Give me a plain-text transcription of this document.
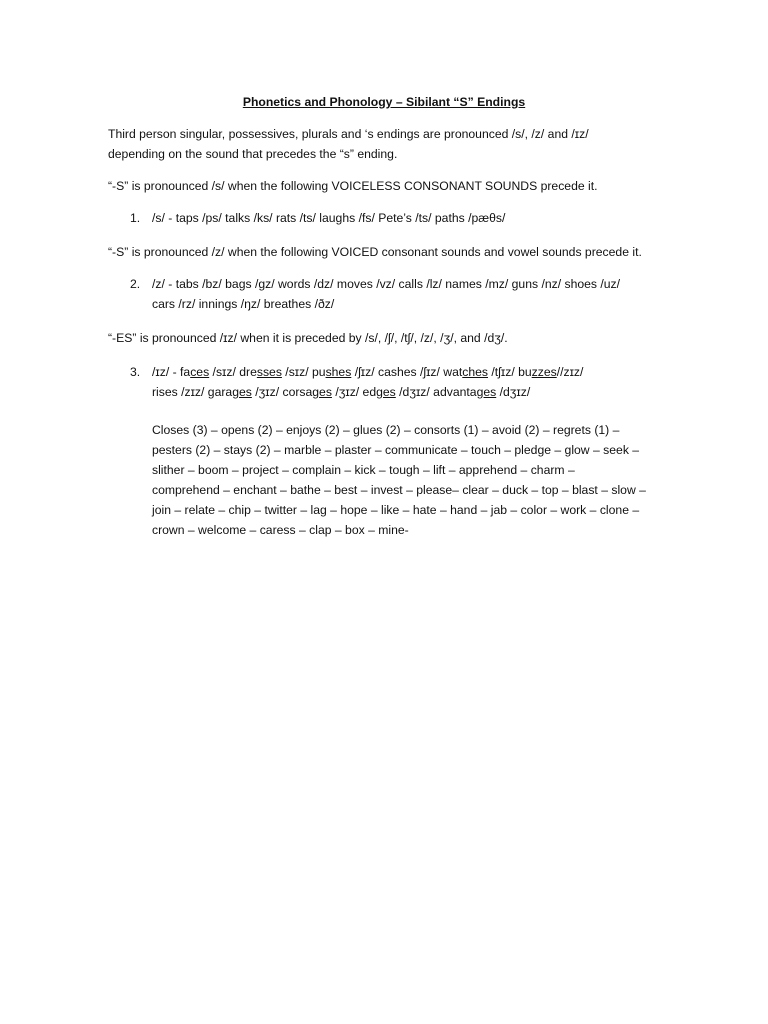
Phonetics and Phonology – Sibilant “S” Endings

Third person singular, possessives, plurals and ‘s endings are pronounced /s/, /z/ and /ɪz/
depending on the sound that precedes the “s” ending.

“-S” is pronounced /s/ when the following VOICELESS CONSONANT SOUNDS precede it.

1. /s/ - taps /ps/ talks /ks/ rats /ts/ laughs /fs/ Pete’s /ts/ paths /pæθs/

“-S” is pronounced /z/ when the following VOICED consonant sounds and vowel sounds precede it.

2. /z/ - tabs /bz/ bags /gz/ words /dz/ moves /vz/ calls /lz/ names /mz/ guns /nz/ shoes /uz/
cars /rz/ innings /ŋz/ breathes /ðz/

“-ES” is pronounced /ɪz/ when it is preceded by /s/, /ʃ/, /tʃ/, /z/, /ʒ/, and /dʒ/.

3. /ɪz/ - faces /sɪz/ dresses /sɪz/ pushes /ʃɪz/ cashes /ʃɪz/ watches /tʃɪz/ buzzes//zɪz/
rises /zɪz/ garages /ʒɪz/ corsages /ʒɪz/ edges /dʒɪz/ advantages /dʒɪz/

Closes (3) – opens (2) – enjoys (2) – glues (2) – consorts (1) – avoid (2) – regrets (1) –
pesters (2) – stays (2) – marble – plaster – communicate – touch – pledge – glow – seek –
slither – boom – project – complain – kick – tough – lift – apprehend – charm –
comprehend – enchant – bathe – best – invest – please– clear – duck – top – blast – slow –
join – relate – chip – twitter – lag – hope – like – hate – hand – jab – color – work – clone –
crown – welcome – caress – clap – box – mine-
